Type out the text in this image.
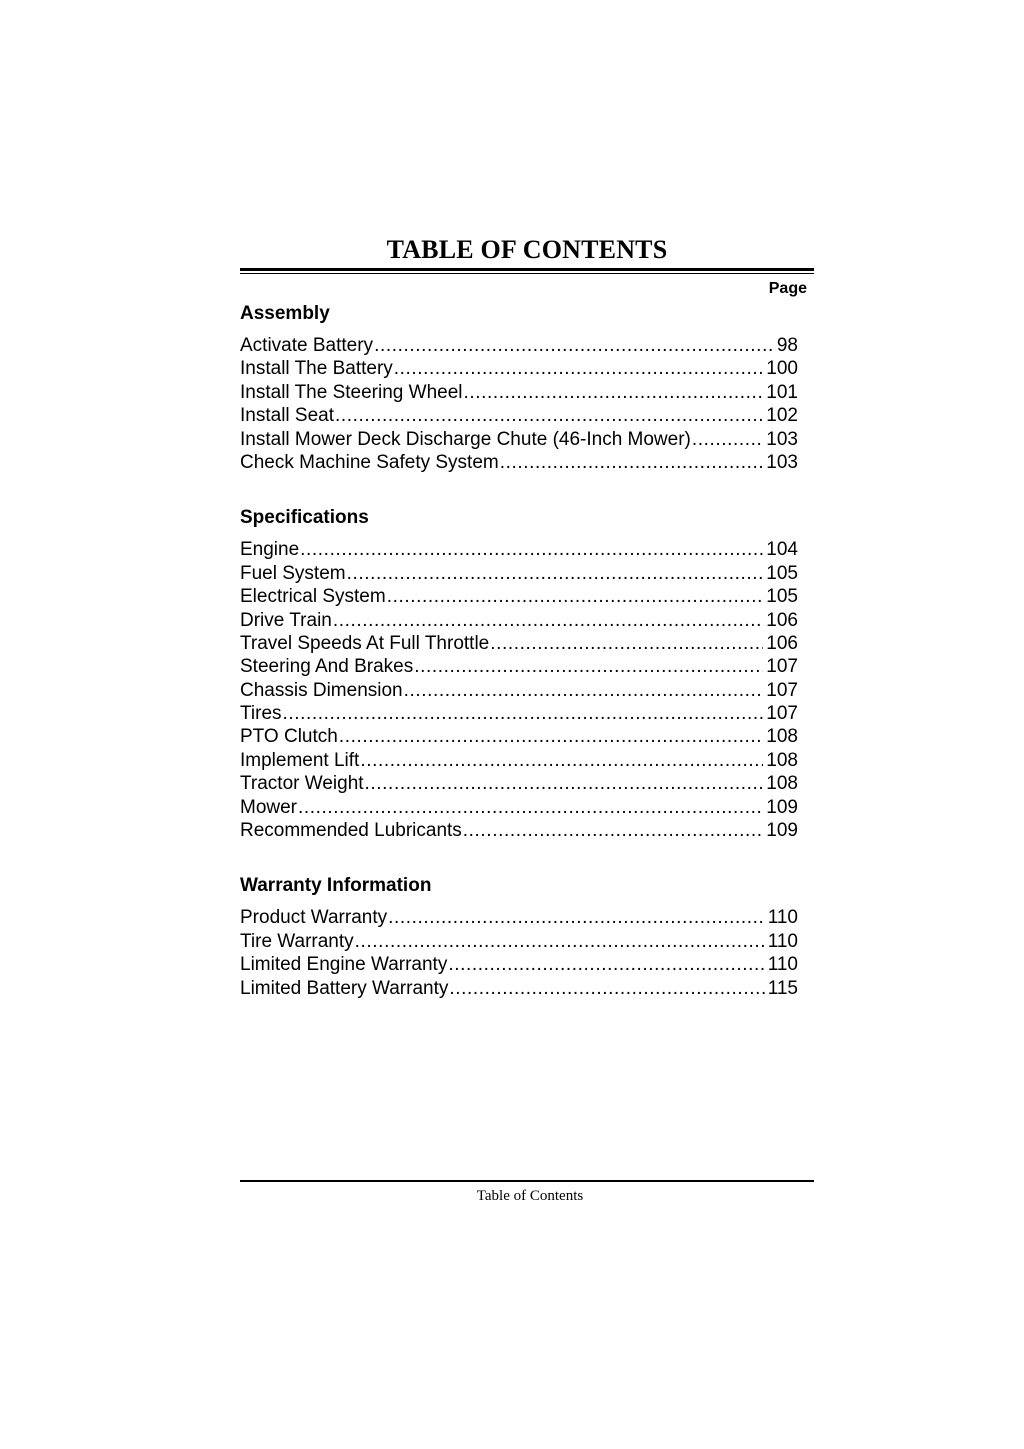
TABLE OF CONTENTS
Page
Assembly
Activate Battery .....	98
Install The Battery .....	100
Install The Steering Wheel .....	101
Install Seat .....	102
Install Mower Deck Discharge Chute (46-Inch Mower) .....	103
Check Machine Safety System .....	103
Specifications
Engine .....	104
Fuel System .....	105
Electrical System .....	105
Drive Train .....	106
Travel Speeds At Full Throttle .....	106
Steering And Brakes .....	107
Chassis Dimension .....	107
Tires .....	107
PTO Clutch .....	108
Implement Lift .....	108
Tractor Weight .....	108
Mower .....	109
Recommended Lubricants .....	109
Warranty Information
Product Warranty .....	110
Tire Warranty .....	110
Limited Engine Warranty .....	110
Limited Battery Warranty .....	115
Table of Contents
